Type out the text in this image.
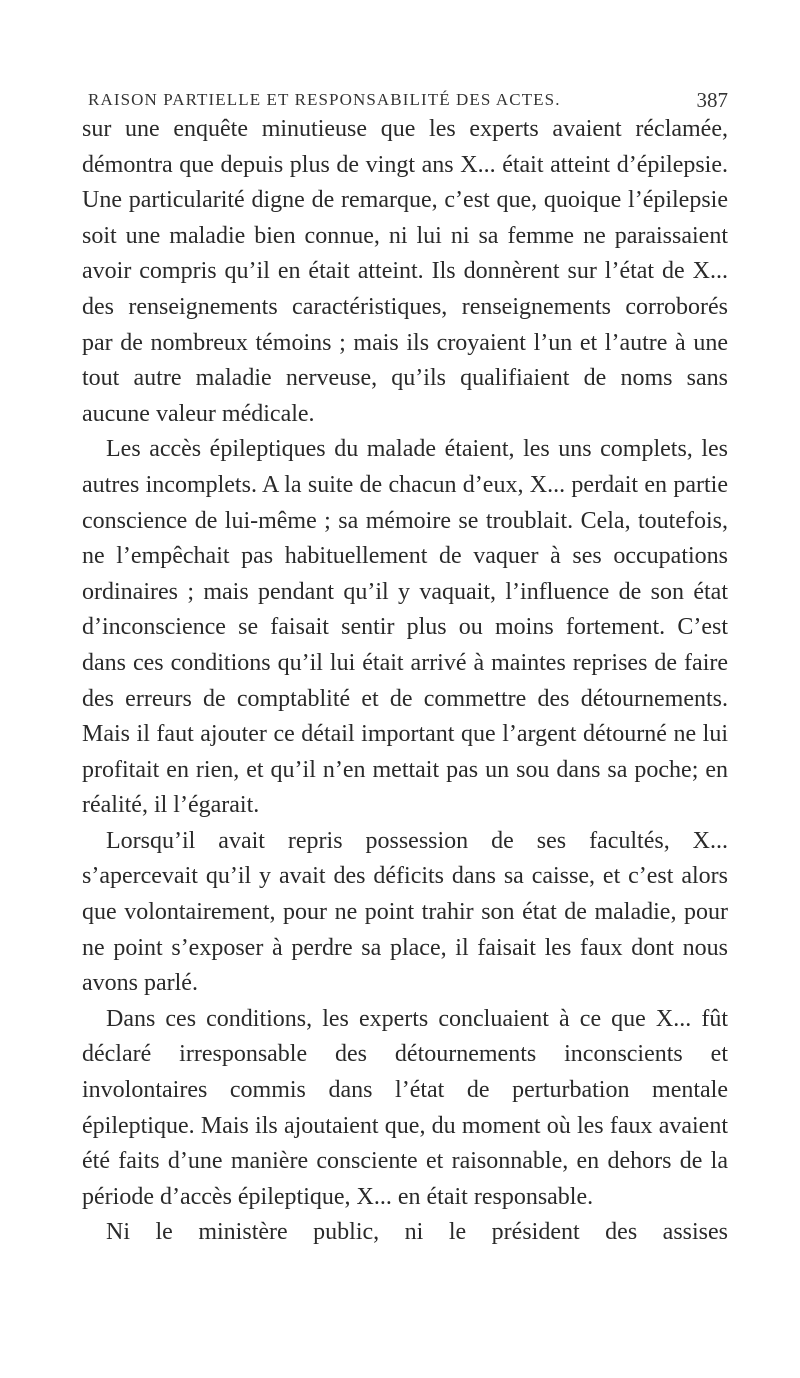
RAISON PARTIELLE ET RESPONSABILITÉ DES ACTES.	387

sur une enquête minutieuse que les experts avaient réclamée, démontra que depuis plus de vingt ans X... était atteint d’épilepsie. Une particularité digne de remarque, c’est que, quoique l’épilepsie soit une maladie bien connue, ni lui ni sa femme ne paraissaient avoir compris qu’il en était atteint. Ils donnèrent sur l’état de X... des renseignements caractéristiques, renseignements corroborés par de nombreux témoins ; mais ils croyaient l’un et l’autre à une tout autre maladie nerveuse, qu’ils qualifiaient de noms sans aucune valeur médicale.

Les accès épileptiques du malade étaient, les uns complets, les autres incomplets. A la suite de chacun d’eux, X... perdait en partie conscience de lui-même ; sa mémoire se troublait. Cela, toutefois, ne l’empêchait pas habituellement de vaquer à ses occupations ordinaires ; mais pendant qu’il y vaquait, l’influence de son état d’inconscience se faisait sentir plus ou moins fortement. C’est dans ces conditions qu’il lui était arrivé à maintes reprises de faire des erreurs de comptablité et de commettre des détournements. Mais il faut ajouter ce détail important que l’argent détourné ne lui profitait en rien, et qu’il n’en mettait pas un sou dans sa poche; en réalité, il l’égarait.

Lorsqu’il avait repris possession de ses facultés, X... s’apercevait qu’il y avait des déficits dans sa caisse, et c’est alors que volontairement, pour ne point trahir son état de maladie, pour ne point s’exposer à perdre sa place, il faisait les faux dont nous avons parlé.

Dans ces conditions, les experts concluaient à ce que X... fût déclaré irresponsable des détournements inconscients et involontaires commis dans l’état de perturbation mentale épileptique. Mais ils ajoutaient que, du moment où les faux avaient été faits d’une manière consciente et raisonnable, en dehors de la période d’accès épileptique, X... en était responsable.

Ni le ministère public, ni le président des assises
